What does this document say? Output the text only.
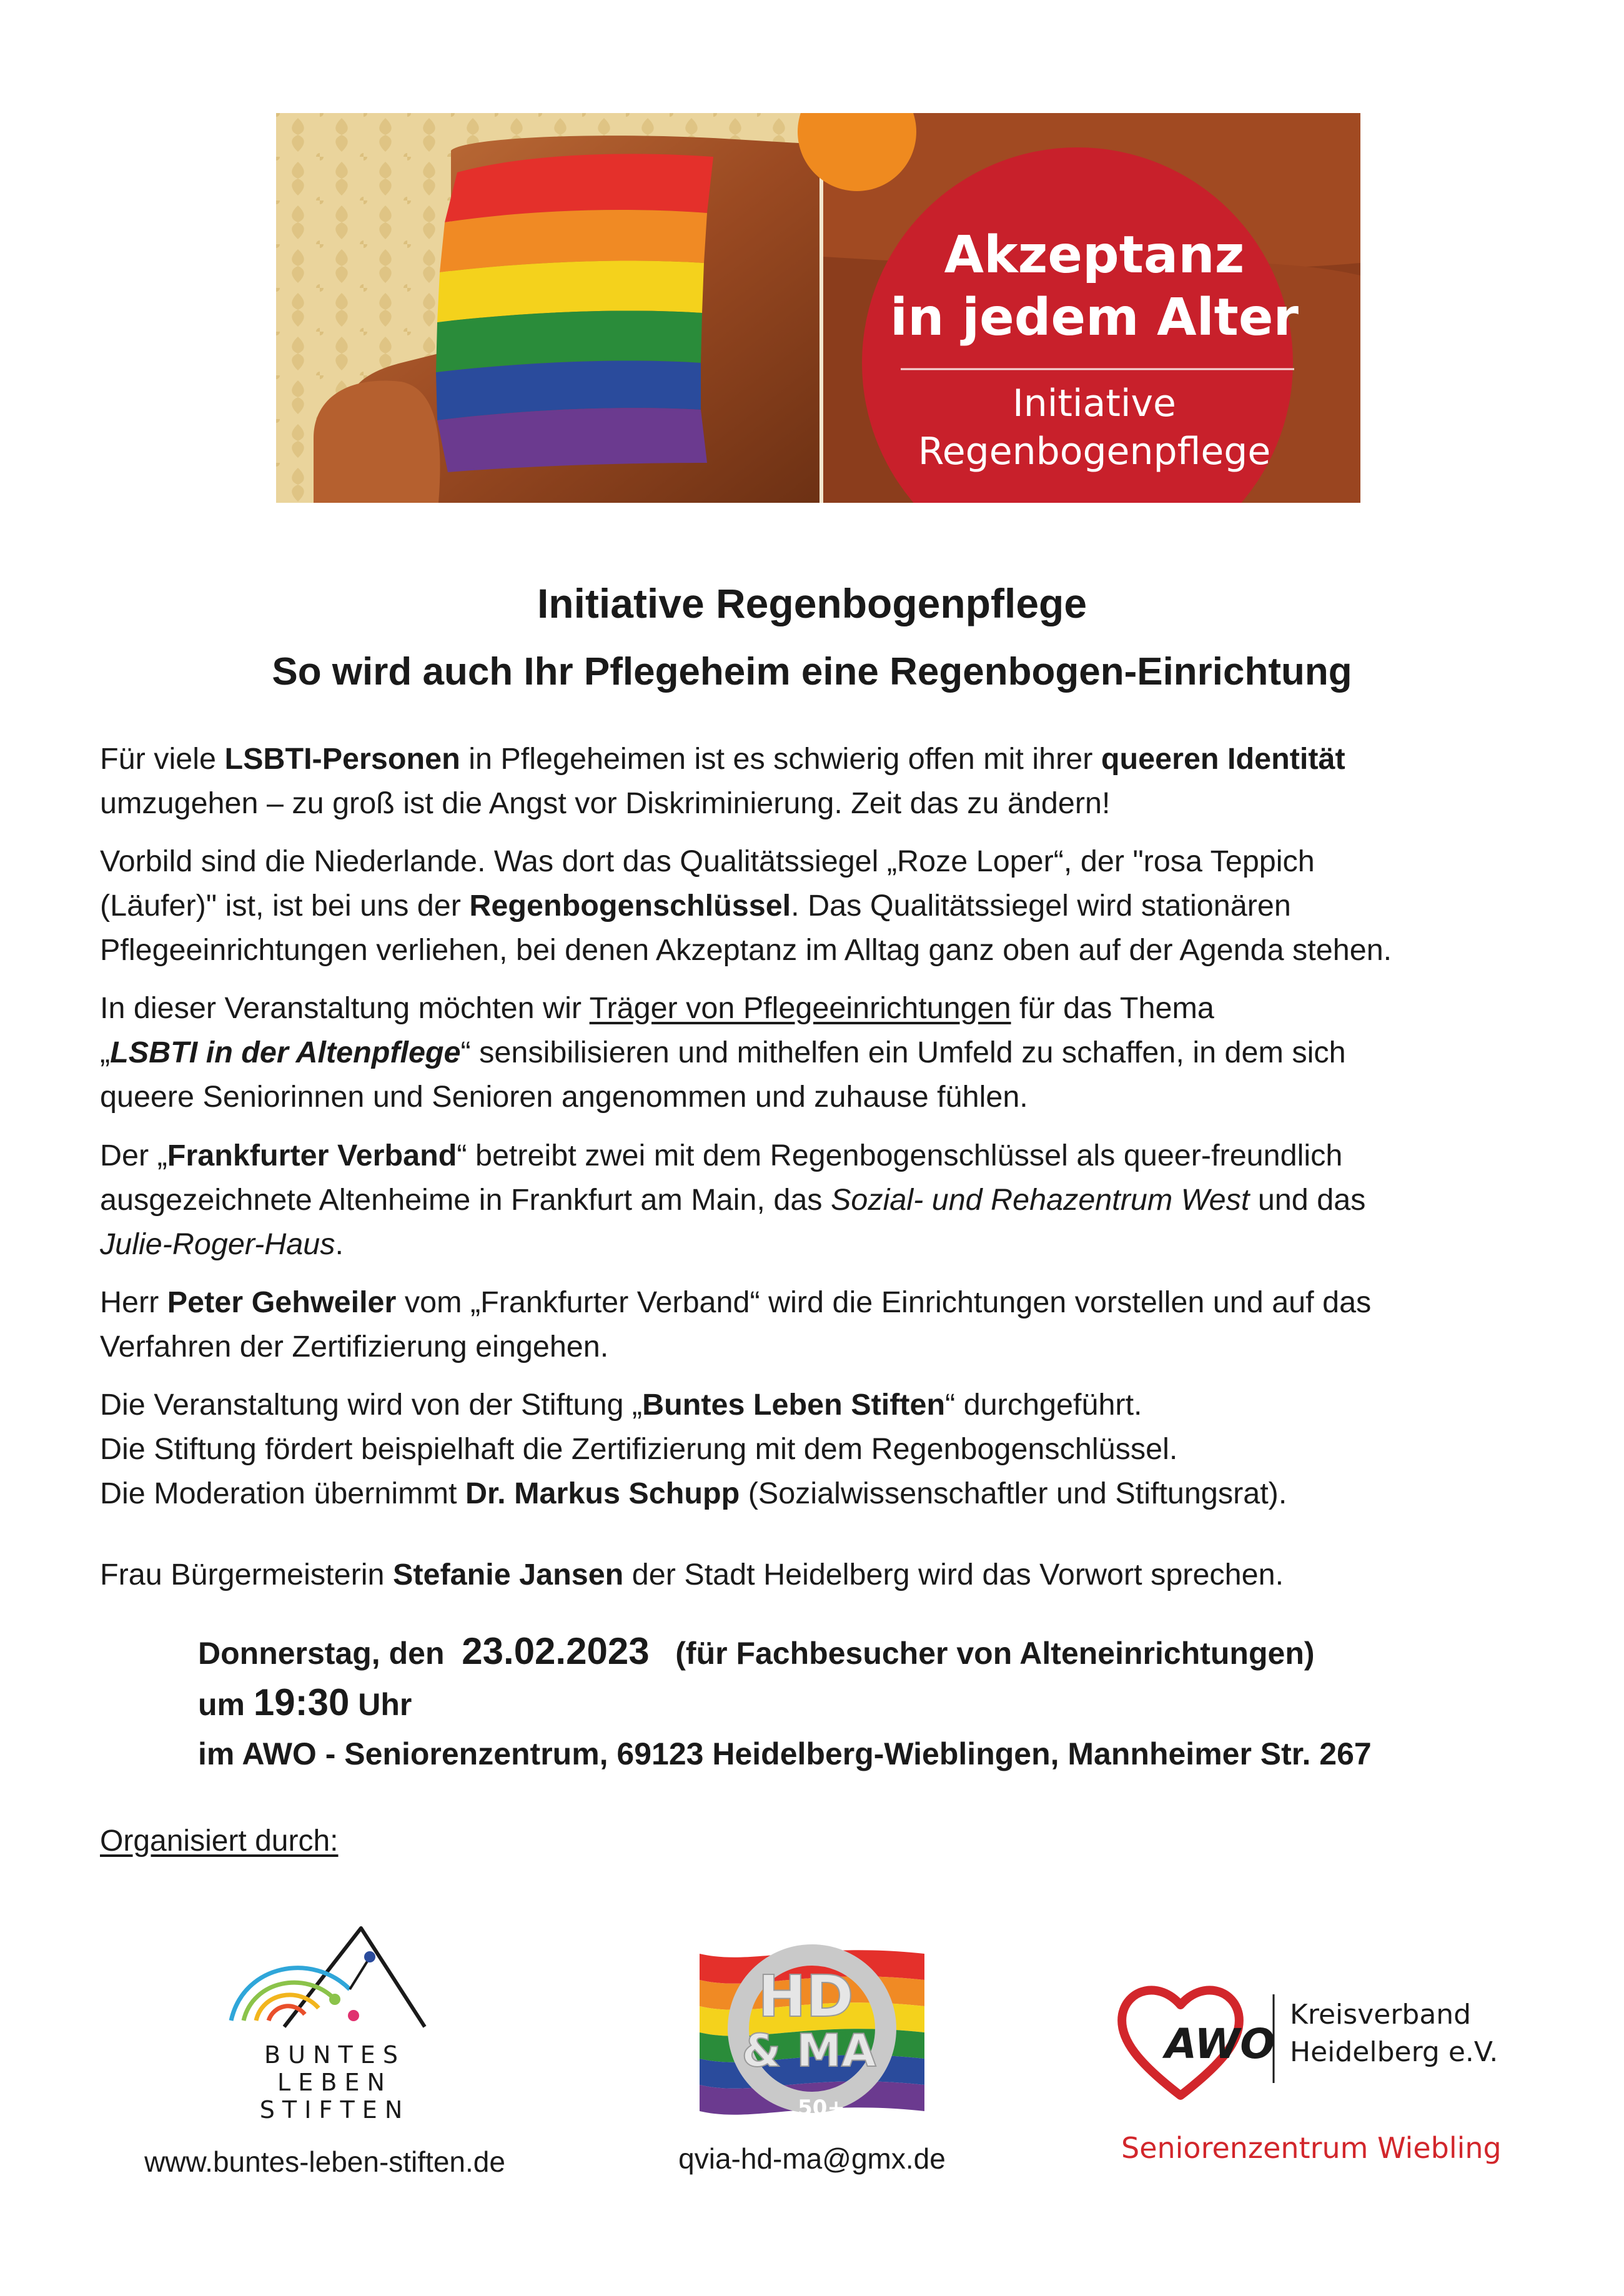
Akzeptanz
in jedem Alter
Initiative
Regenbogenpflege
Initiative Regenbogenpflege
So wird auch Ihr Pflegeheim eine Regenbogen-Einrichtung
Für viele LSBTI-Personen in Pflegeheimen ist es schwierig offen mit ihrer queeren Identität
umzugehen – zu groß ist die Angst vor Diskriminierung. Zeit das zu ändern!
Vorbild sind die Niederlande. Was dort das Qualitätssiegel „Roze Loper“, der "rosa Teppich
(Läufer)" ist, ist bei uns der Regenbogenschlüssel. Das Qualitätssiegel wird stationären
Pflegeeinrichtungen verliehen, bei denen Akzeptanz im Alltag ganz oben auf der Agenda stehen.
In dieser Veranstaltung möchten wir Träger von Pflegeeinrichtungen für das Thema
„LSBTI in der Altenpflege“ sensibilisieren und mithelfen ein Umfeld zu schaffen, in dem sich
queere Seniorinnen und Senioren angenommen und zuhause fühlen.
Der „Frankfurter Verband“ betreibt zwei mit dem Regenbogenschlüssel als queer-freundlich
ausgezeichnete Altenheime in Frankfurt am Main, das Sozial- und Rehazentrum West und das
Julie-Roger-Haus.
Herr Peter Gehweiler vom „Frankfurter Verband“ wird die Einrichtungen vorstellen und auf das
Verfahren der Zertifizierung eingehen.
Die Veranstaltung wird von der Stiftung „Buntes Leben Stiften“ durchgeführt.
Die Stiftung fördert beispielhaft die Zertifizierung mit dem Regenbogenschlüssel.
Die Moderation übernimmt Dr. Markus Schupp (Sozialwissenschaftler und Stiftungsrat).
Frau Bürgermeisterin Stefanie Jansen der Stadt Heidelberg wird das Vorwort sprechen.
Donnerstag, den 23.02.2023 (für Fachbesucher von Alteneinrichtungen)
um 19:30 Uhr
im AWO - Seniorenzentrum, 69123 Heidelberg-Wieblingen, Mannheimer Str. 267
Organisiert durch:
B U N T E S
L E B E N
S T I F T E N
www.buntes-leben-stiften.de
HD
& MA
50+
qvia-hd-ma@gmx.de
AWO
Kreisverband
Heidelberg e.V.
Seniorenzentrum Wieblingen
